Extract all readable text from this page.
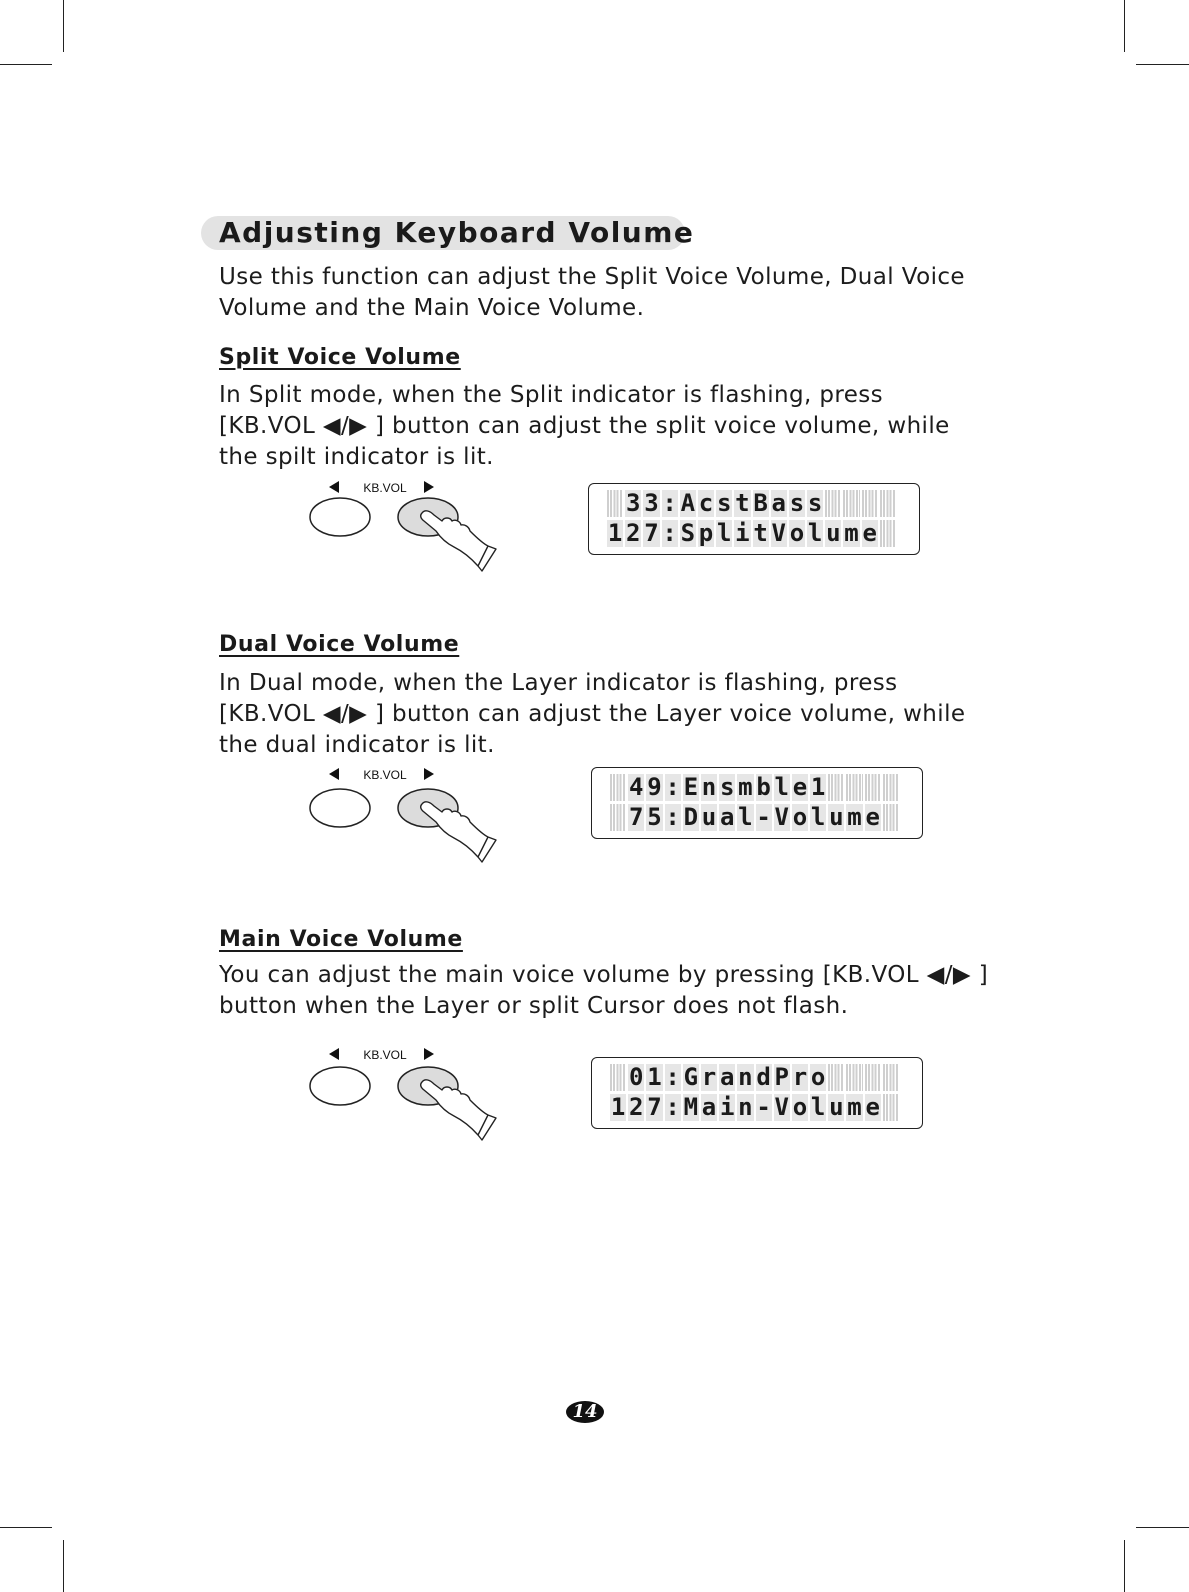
Adjusting Keyboard Volume

Use this function can adjust the Split Voice Volume, Dual Voice
Volume and the Main Voice Volume.

Split Voice Volume

In Split mode, when the Split indicator is flashing, press
[KB.VOL ◀/▶ ] button can adjust the split voice volume, while
the spilt indicator is lit.

KB.VOL
3 3 : A c s t B a s s
1 2 7 : S p l i t V o l u m e
Dual Voice Volume

In Dual mode, when the Layer indicator is flashing, press
[KB.VOL ◀/▶ ] button can adjust the Layer voice volume, while
the dual indicator is lit.

KB.VOL	4 9 : E n s m b l e 1
7 5 : D u a l - V o l u m e
Main Voice Volume

You can adjust the main voice volume by pressing [KB.VOL ◀/▶ ]
button when the Layer or split Cursor does not flash.

KB.VOL
0 1 : G r a n d P r o
1 2 7 : M a i n - V o l u m e
14
